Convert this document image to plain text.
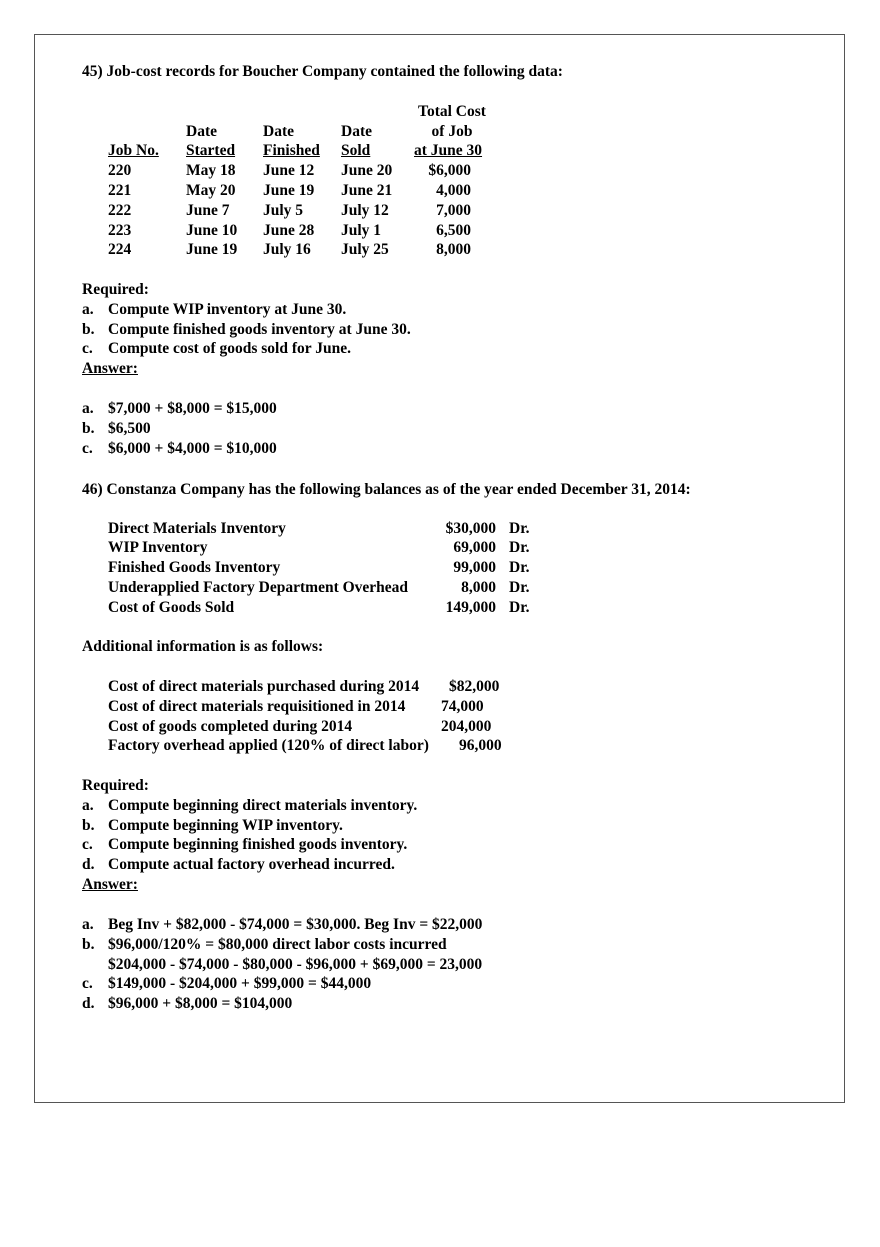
45) Job-cost records for Boucher Company contained the following data:
Total Cost
Date	Date	Date	of Job
Job No. Started Finished Sold	at June 30
220	May 18 June 12 June 20	$6,000
221	May 20 June 19 June 21	4,000
222	June 7 July 5 July 12	7,000
223	June 10 June 28 July 1	6,500
224	June 19 July 16 July 25	8,000
Required:
a. Compute WIP inventory at June 30.
b. Compute finished goods inventory at June 30.
c. Compute cost of goods sold for June.
Answer:
a. $7,000 + $8,000 = $15,000
b. $6,500
c. $6,000 + $4,000 = $10,000
46) Constanza Company has the following balances as of the year ended December 31, 2014:
Direct Materials Inventory	$30,000 Dr.
WIP Inventory	69,000 Dr.
Finished Goods Inventory	99,000 Dr.
Underapplied Factory Department Overhead	8,000 Dr.
Cost of Goods Sold	149,000 Dr.
Additional information is as follows:
Cost of direct materials purchased during 2014 $82,000
Cost of direct materials requisitioned in 2014 74,000
Cost of goods completed during 2014	204,000
Factory overhead applied (120% of direct labor) 96,000
Required:
a. Compute beginning direct materials inventory.
b. Compute beginning WIP inventory.
c. Compute beginning finished goods inventory.
d. Compute actual factory overhead incurred.
Answer:
a. Beg Inv + $82,000 - $74,000 = $30,000. Beg Inv = $22,000
b. $96,000/120% = $80,000 direct labor costs incurred
$204,000 - $74,000 - $80,000 - $96,000 + $69,000 = 23,000
c. $149,000 - $204,000 + $99,000 = $44,000
d. $96,000 + $8,000 = $104,000
